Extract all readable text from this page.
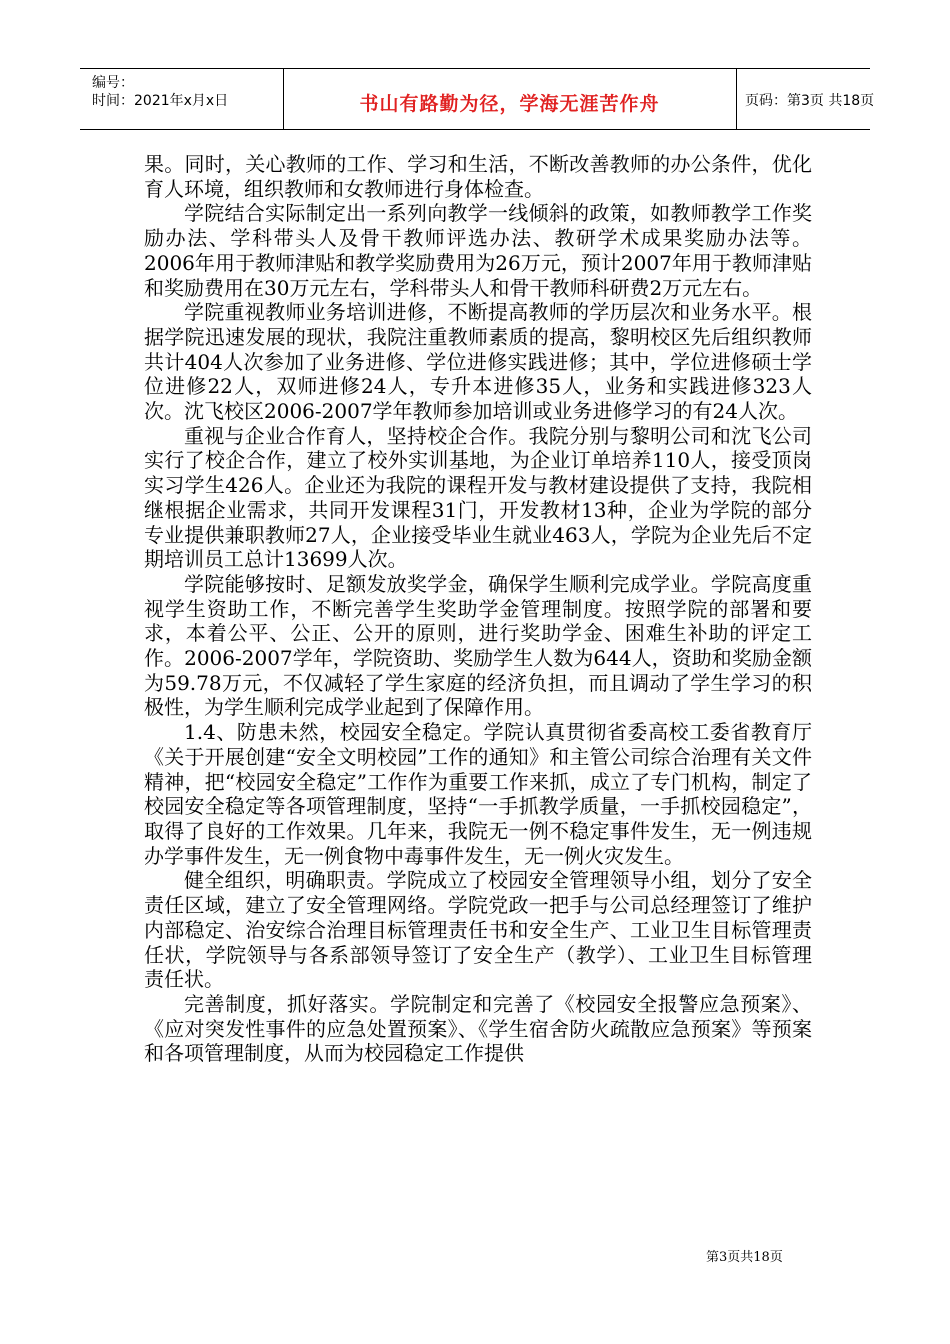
编号：
时间：2021年x月x日	书山有路勤为径，学海无涯苦作舟	页码：第3页 共18页

果。同时，关心教师的工作、学习和生活，不断改善教师的办公条件，优化育人环境，组织教师和女教师进行身体检查。

学院结合实际制定出一系列向教学一线倾斜的政策，如教师教学工作奖励办法、学科带头人及骨干教师评选办法、教研学术成果奖励办法等。2006年用于教师津贴和教学奖励费用为26万元，预计2007年用于教师津贴和奖励费用在30万元左右，学科带头人和骨干教师科研费2万元左右。

学院重视教师业务培训进修，不断提高教师的学历层次和业务水平。根据学院迅速发展的现状，我院注重教师素质的提高，黎明校区先后组织教师共计404人次参加了业务进修、学位进修实践进修；其中，学位进修硕士学位进修22人，双师进修24人，专升本进修35人，业务和实践进修323人次。沈飞校区2006-2007学年教师参加培训或业务进修学习的有24人次。

重视与企业合作育人，坚持校企合作。我院分别与黎明公司和沈飞公司实行了校企合作，建立了校外实训基地，为企业订单培养110人，接受顶岗实习学生426人。企业还为我院的课程开发与教材建设提供了支持，我院相继根据企业需求，共同开发课程31门，开发教材13种，企业为学院的部分专业提供兼职教师27人，企业接受毕业生就业463人，学院为企业先后不定期培训员工总计13699人次。

学院能够按时、足额发放奖学金，确保学生顺利完成学业。学院高度重视学生资助工作，不断完善学生奖助学金管理制度。按照学院的部署和要求，本着公平、公正、公开的原则，进行奖助学金、困难生补助的评定工作。2006-2007学年，学院资助、奖励学生人数为644人，资助和奖励金额为59.78万元，不仅减轻了学生家庭的经济负担，而且调动了学生学习的积极性，为学生顺利完成学业起到了保障作用。

1.4、防患未然，校园安全稳定。学院认真贯彻省委高校工委省教育厅《关于开展创建“安全文明校园”工作的通知》和主管公司综合治理有关文件精神，把“校园安全稳定”工作作为重要工作来抓，成立了专门机构，制定了校园安全稳定等各项管理制度，坚持“一手抓教学质量，一手抓校园稳定”，取得了良好的工作效果。几年来，我院无一例不稳定事件发生，无一例违规办学事件发生，无一例食物中毒事件发生，无一例火灾发生。

健全组织，明确职责。学院成立了校园安全管理领导小组，划分了安全责任区域，建立了安全管理网络。学院党政一把手与公司总经理签订了维护内部稳定、治安综合治理目标管理责任书和安全生产、工业卫生目标管理责任状，学院领导与各系部领导签订了安全生产（教学）、工业卫生目标管理责任状。

完善制度，抓好落实。学院制定和完善了《校园安全报警应急预案》、《应对突发性事件的应急处置预案》、《学生宿舍防火疏散应急预案》等预案和各项管理制度，从而为校园稳定工作提供

第3页共18页
